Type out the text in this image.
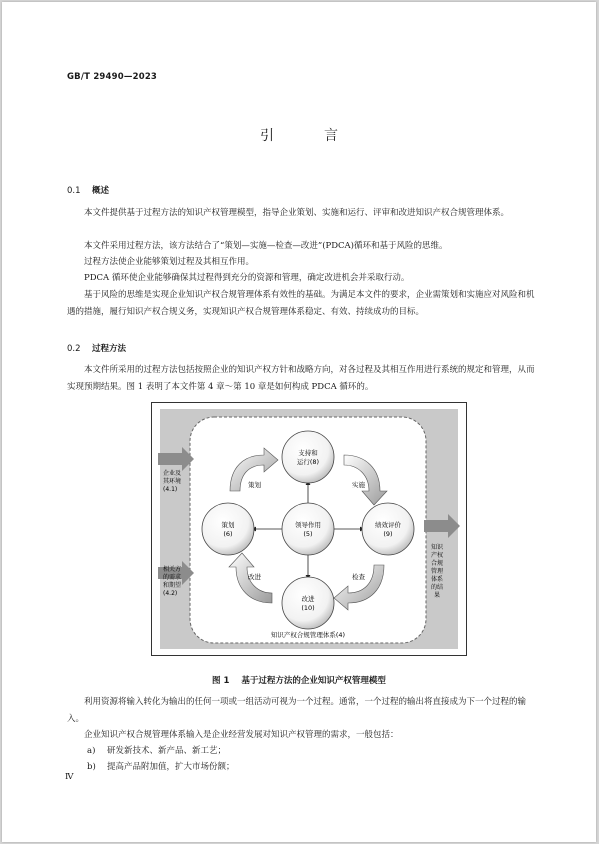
GB/T 29490—2023
引　言
0.1 概述
本文件提供基于过程方法的知识产权管理模型，指导企业策划、实施和运行、评审和改进知识产权合规管理体系。
本文件采用过程方法，该方法结合了“策划—实施—检查—改进”(PDCA)循环和基于风险的思维。
过程方法使企业能够策划过程及其相互作用。
PDCA 循环使企业能够确保其过程得到充分的资源和管理，确定改进机会并采取行动。
基于风险的思维是实现企业知识产权合规管理体系有效性的基础。为满足本文件的要求，企业需策划和实施应对风险和机遇的措施，履行知识产权合规义务，实现知识产权合规管理体系稳定、有效、持续成功的目标。
0.2 过程方法
本文件所采用的过程方法包括按照企业的知识产权方针和战略方向，对各过程及其相互作用进行系统的规定和管理，从而实现预期结果。图 1 表明了本文件第 4 章～第 10 章是如何构成 PDCA 循环的。
企业及
其环境
(4.1)
相关方
的需求
和期望
(4.2)
知识
产权
合规
管理
体系
的结
果
策划	实施
检查
改进
支持和
运行(8)
策划
(6)
领导作用
(5)
绩效评价
(9)
改进
(10)
知识产权合规管理体系(4)
图 1 基于过程方法的企业知识产权管理模型
利用资源将输入转化为输出的任何一项或一组活动可视为一个过程。通常，一个过程的输出将直接成为下一个过程的输入。
企业知识产权合规管理体系输入是企业经营发展对知识产权管理的需求，一般包括：
a) 研发新技术、新产品、新工艺；
b) 提高产品附加值，扩大市场份额；
Ⅳ
